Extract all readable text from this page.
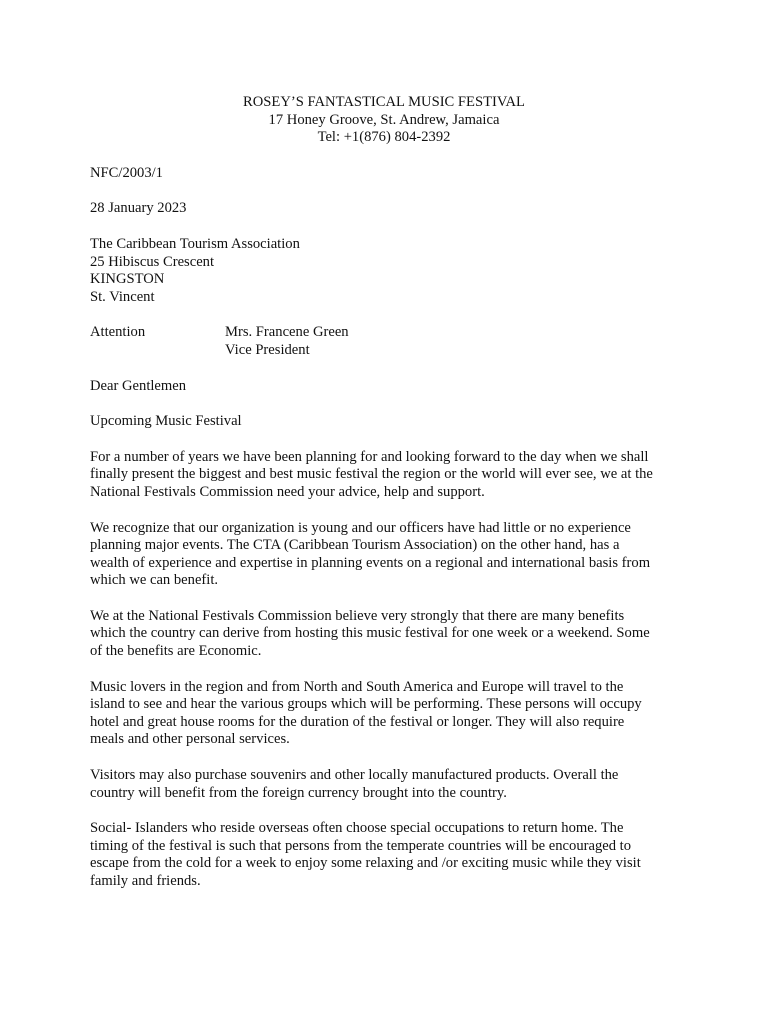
ROSEY’S FANTASTICAL MUSIC FESTIVAL
17 Honey Groove, St. Andrew, Jamaica
Tel: +1(876) 804-2392
NFC/2003/1
28 January 2023
The Caribbean Tourism Association
25 Hibiscus Crescent
KINGSTON
St. Vincent
Attention	Mrs. Francene Green
Vice President
Dear Gentlemen
Upcoming Music Festival

For a number of years we have been planning for and looking forward to the day when we shall
finally present the biggest and best music festival the region or the world will ever see, we at the
National Festivals Commission need your advice, help and support.

We recognize that our organization is young and our officers have had little or no experience
planning major events. The CTA (Caribbean Tourism Association) on the other hand, has a
wealth of experience and expertise in planning events on a regional and international basis from
which we can benefit.

We at the National Festivals Commission believe very strongly that there are many benefits
which the country can derive from hosting this music festival for one week or a weekend. Some
of the benefits are Economic.

Music lovers in the region and from North and South America and Europe will travel to the
island to see and hear the various groups which will be performing. These persons will occupy
hotel and great house rooms for the duration of the festival or longer. They will also require
meals and other personal services.

Visitors may also purchase souvenirs and other locally manufactured products. Overall the
country will benefit from the foreign currency brought into the country.

Social- Islanders who reside overseas often choose special occupations to return home. The
timing of the festival is such that persons from the temperate countries will be encouraged to
escape from the cold for a week to enjoy some relaxing and /or exciting music while they visit
family and friends.
